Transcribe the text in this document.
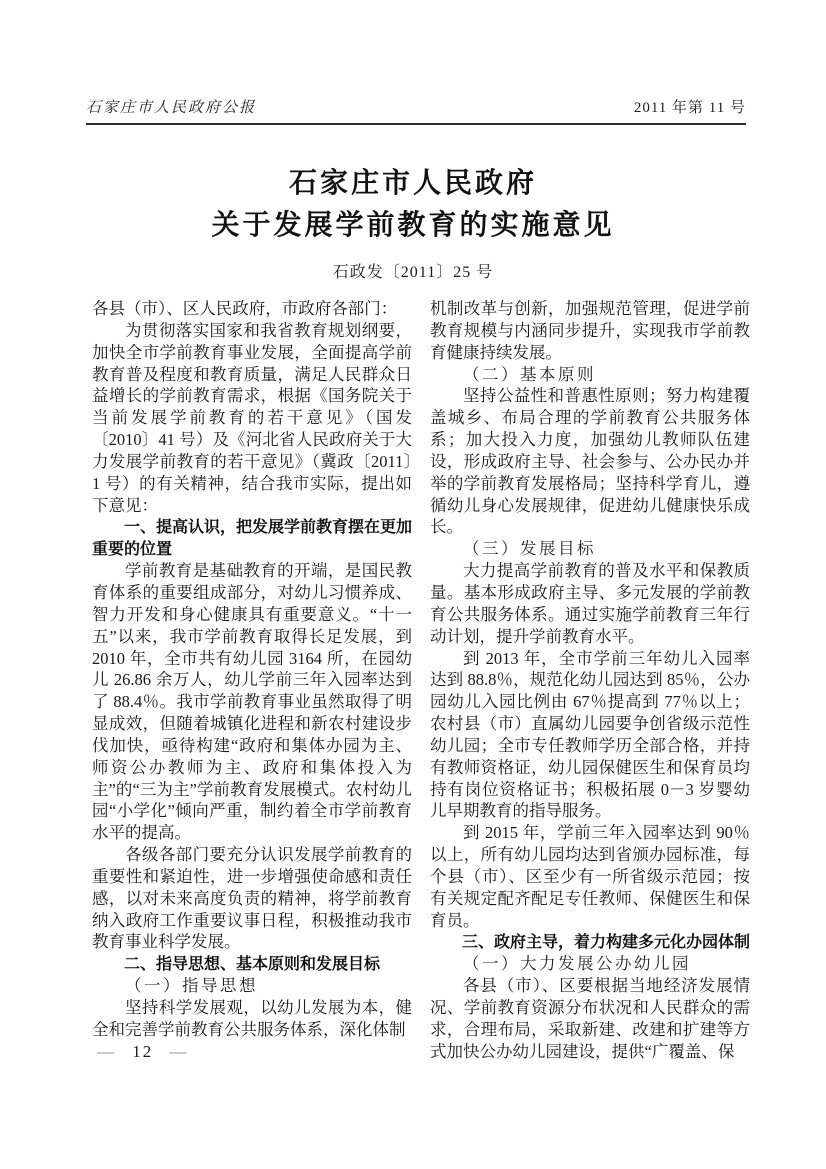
石家庄市人民政府公报	2011 年第 11 号
石家庄市人民政府
关于发展学前教育的实施意见
石政发〔2011〕25 号

各县（市）、区人民政府，市政府各部门：

为贯彻落实国家和我省教育规划纲要，加快全市学前教育事业发展，全面提高学前教育普及程度和教育质量，满足人民群众日益增长的学前教育需求，根据《国务院关于当前发展学前教育的若干意见》（国发〔2010〕41 号）及《河北省人民政府关于大力发展学前教育的若干意见》（冀政〔2011〕1 号）的有关精神，结合我市实际，提出如下意见：

一、提高认识，把发展学前教育摆在更加重要的位置

学前教育是基础教育的开端，是国民教育体系的重要组成部分，对幼儿习惯养成、智力开发和身心健康具有重要意义。“十一五”以来，我市学前教育取得长足发展，到 2010 年，全市共有幼儿园 3164 所，在园幼儿 26.86 余万人，幼儿学前三年入园率达到了 88.4％。我市学前教育事业虽然取得了明显成效，但随着城镇化进程和新农村建设步伐加快，亟待构建“政府和集体办园为主、师资公办教师为主、政府和集体投入为主”的“三为主”学前教育发展模式。农村幼儿园“小学化”倾向严重，制约着全市学前教育水平的提高。

各级各部门要充分认识发展学前教育的重要性和紧迫性，进一步增强使命感和责任感，以对未来高度负责的精神，将学前教育纳入政府工作重要议事日程，积极推动我市教育事业科学发展。

二、指导思想、基本原则和发展目标

（一）指导思想

坚持科学发展观，以幼儿发展为本，健全和完善学前教育公共服务体系，深化体制

机制改革与创新，加强规范管理，促进学前教育规模与内涵同步提升，实现我市学前教育健康持续发展。

（二）基本原则

坚持公益性和普惠性原则；努力构建覆盖城乡、布局合理的学前教育公共服务体系；加大投入力度，加强幼儿教师队伍建设，形成政府主导、社会参与、公办民办并举的学前教育发展格局；坚持科学育儿，遵循幼儿身心发展规律，促进幼儿健康快乐成长。

（三）发展目标

大力提高学前教育的普及水平和保教质量。基本形成政府主导、多元发展的学前教育公共服务体系。通过实施学前教育三年行动计划，提升学前教育水平。

到 2013 年，全市学前三年幼儿入园率达到 88.8％，规范化幼儿园达到 85％，公办园幼儿入园比例由 67％提高到 77％以上；农村县（市）直属幼儿园要争创省级示范性幼儿园；全市专任教师学历全部合格，并持有教师资格证，幼儿园保健医生和保育员均持有岗位资格证书；积极拓展 0－3 岁婴幼儿早期教育的指导服务。

到 2015 年，学前三年入园率达到 90％以上，所有幼儿园均达到省颁办园标准，每个县（市）、区至少有一所省级示范园；按有关规定配齐配足专任教师、保健医生和保育员。

三、政府主导，着力构建多元化办园体制

（一）大力发展公办幼儿园

各县（市）、区要根据当地经济发展情况、学前教育资源分布状况和人民群众的需求，合理布局，采取新建、改建和扩建等方式加快公办幼儿园建设，提供“广覆盖、保

— 12 —
